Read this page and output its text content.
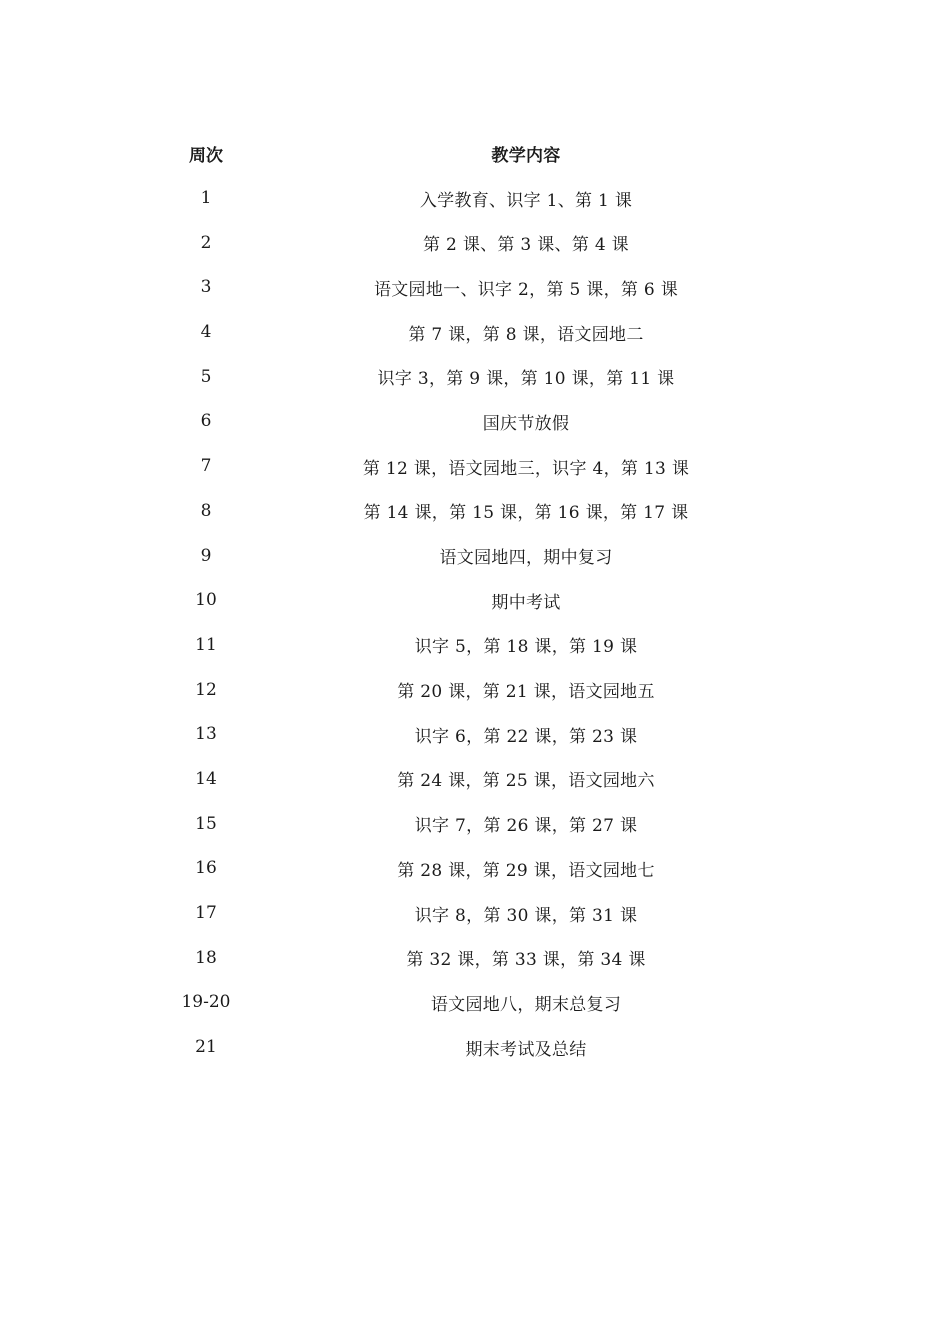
周次	教学内容
1	入学教育、识字 1、第 1 课
2	第 2 课、第 3 课、第 4 课
3	语文园地一、识字 2，第 5 课，第 6 课
4	第 7 课，第 8 课，语文园地二
5	识字 3，第 9 课，第 10 课，第 11 课
6	国庆节放假
7	第 12 课，语文园地三，识字 4，第 13 课
8	第 14 课，第 15 课，第 16 课，第 17 课
9	语文园地四，期中复习
10	期中考试
11	识字 5，第 18 课，第 19 课
12	第 20 课，第 21 课，语文园地五
13	识字 6，第 22 课，第 23 课
14	第 24 课，第 25 课，语文园地六
15	识字 7，第 26 课，第 27 课
16	第 28 课，第 29 课，语文园地七
17	识字 8，第 30 课，第 31 课
18	第 32 课，第 33 课，第 34 课
19-20	语文园地八，期末总复习
21	期末考试及总结
